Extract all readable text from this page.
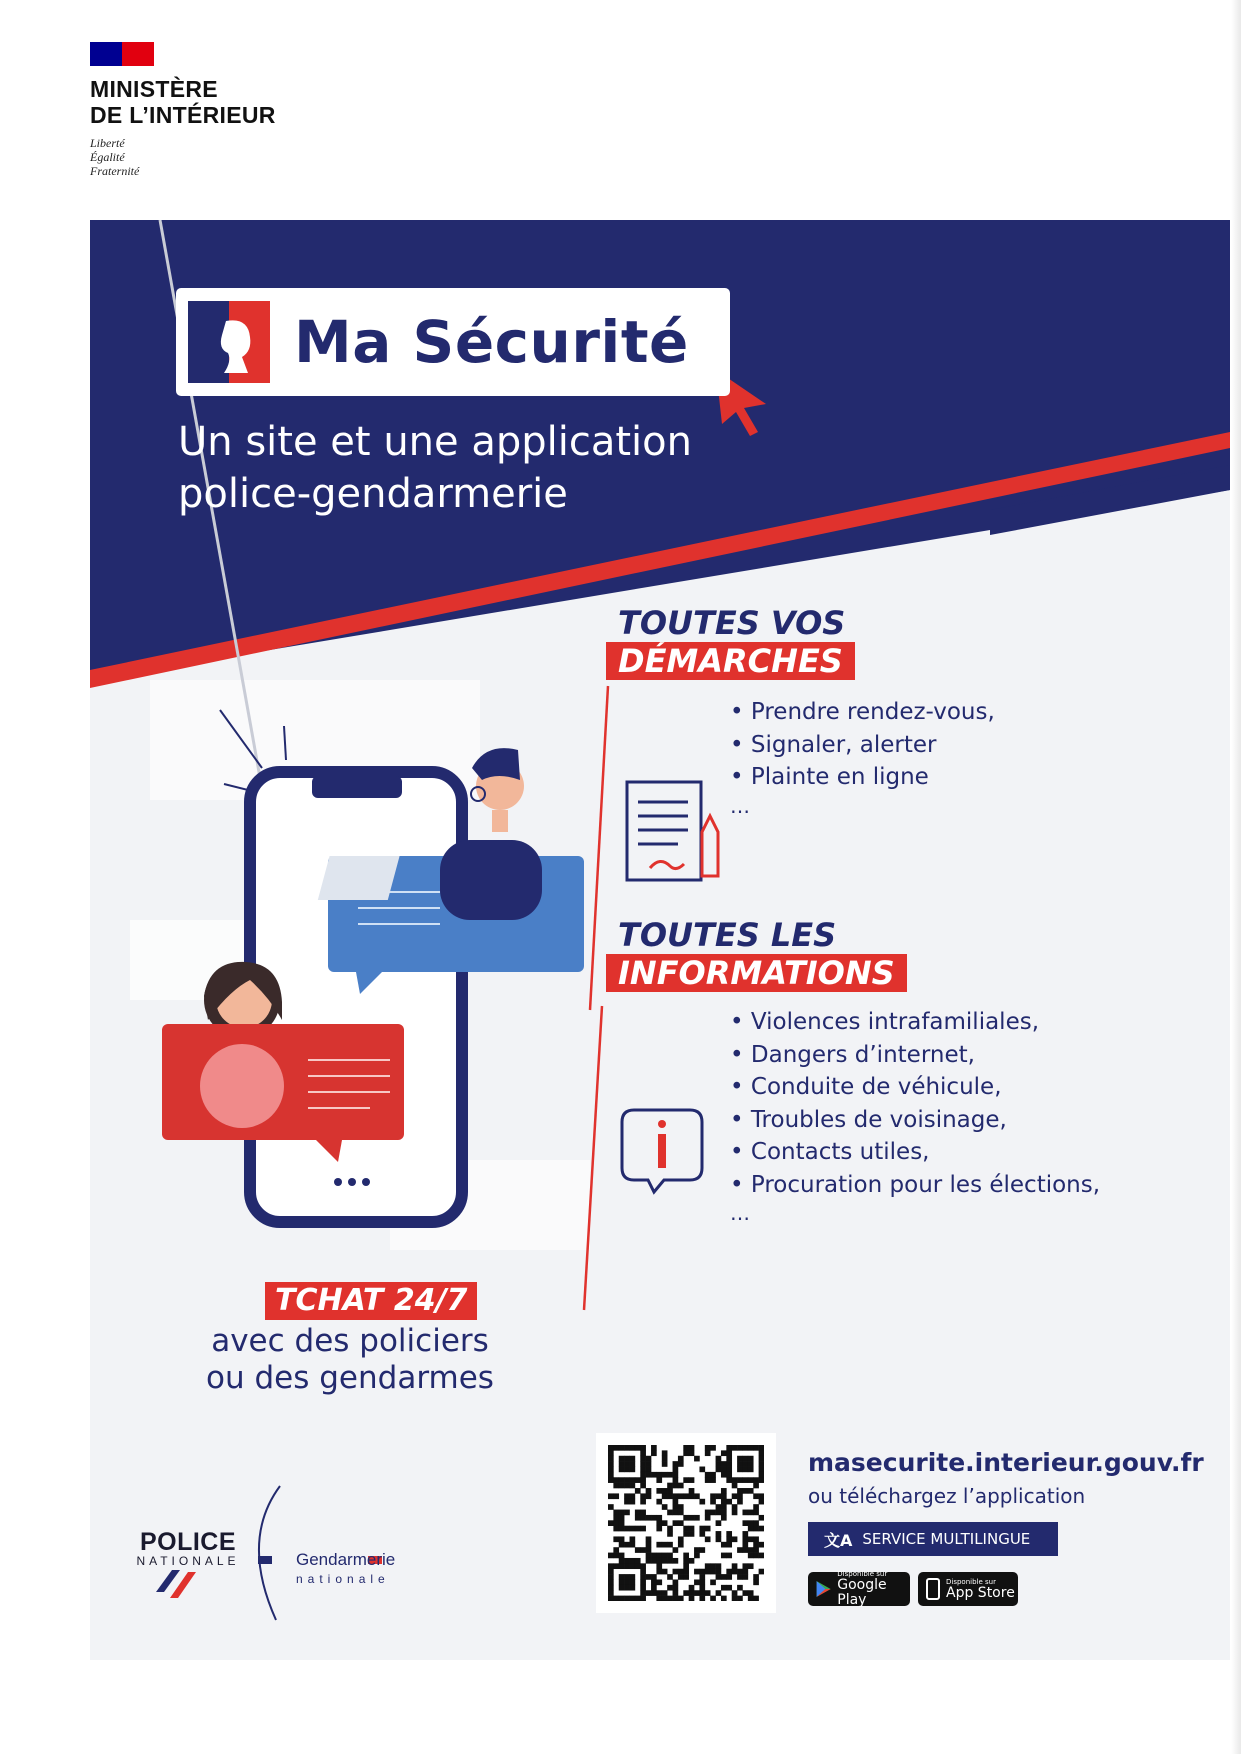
MINISTÈRE
DE L’INTÉRIEUR
Liberté
Égalité
Fraternité
Ma Sécurité
Un site et une application
police-gendarmerie
TOUTES VOS
DÉMARCHES
• Prendre rendez-vous,
• Signaler, alerter
• Plainte en ligne
…
TOUTES LES
INFORMATIONS
• Violences intrafamiliales,
• Dangers d’internet,
• Conduite de véhicule,
• Troubles de voisinage,
• Contacts utiles,
• Procuration pour les élections,
…
TCHAT 24/7
avec des policiers
ou des gendarmes
masecurite.interieur.gouv.fr
ou téléchargez l’application
文A SERVICE MULTILINGUE
Disponible sur
Google Play
Disponible sur
App Store
POLICE
NATIONALE	Gendarmerie
nationale
